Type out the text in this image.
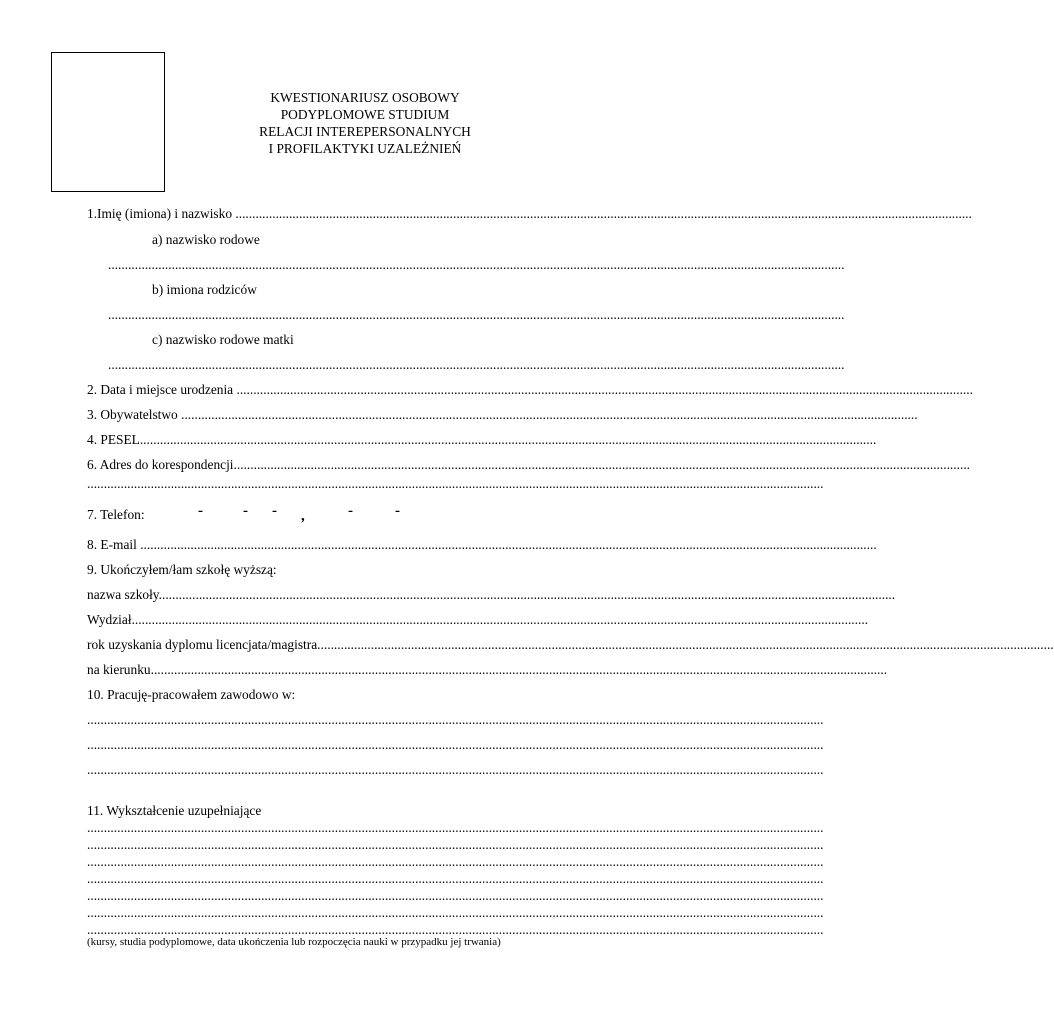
KWESTIONARIUSZ OSOBOWY
PODYPLOMOWE STUDIUM
RELACJI INTEREPERSONALNYCH
I PROFILAKTYKI UZALEŻNIEŃ
1.Imię (imiona) i nazwisko ............................................................................................................................................................................................................................
a) nazwisko rodowe
............................................................................................................................................................................................................................
b) imiona rodziców
............................................................................................................................................................................................................................
c) nazwisko rodowe matki
............................................................................................................................................................................................................................
2. Data i miejsce urodzenia ............................................................................................................................................................................................................................
3. Obywatelstwo ............................................................................................................................................................................................................................
4. PESEL............................................................................................................................................................................................................................
6. Adres do korespondencji............................................................................................................................................................................................................................
............................................................................................................................................................................................................................
7. Telefon:	-	- - ,	-	-
8. E-mail ............................................................................................................................................................................................................................
9. Ukończyłem/łam szkołę wyższą:
nazwa szkoły............................................................................................................................................................................................................................
Wydział............................................................................................................................................................................................................................
rok uzyskania dyplomu licencjata/magistra............................................................................................................................................................................................................................
na kierunku............................................................................................................................................................................................................................
10. Pracuję-pracowałem zawodowo w:
............................................................................................................................................................................................................................
............................................................................................................................................................................................................................
............................................................................................................................................................................................................................
11. Wykształcenie uzupełniające
............................................................................................................................................................................................................................
............................................................................................................................................................................................................................
............................................................................................................................................................................................................................
............................................................................................................................................................................................................................
............................................................................................................................................................................................................................
............................................................................................................................................................................................................................
............................................................................................................................................................................................................................
(kursy, studia podyplomowe, data ukończenia lub rozpoczęcia nauki w przypadku jej trwania)
